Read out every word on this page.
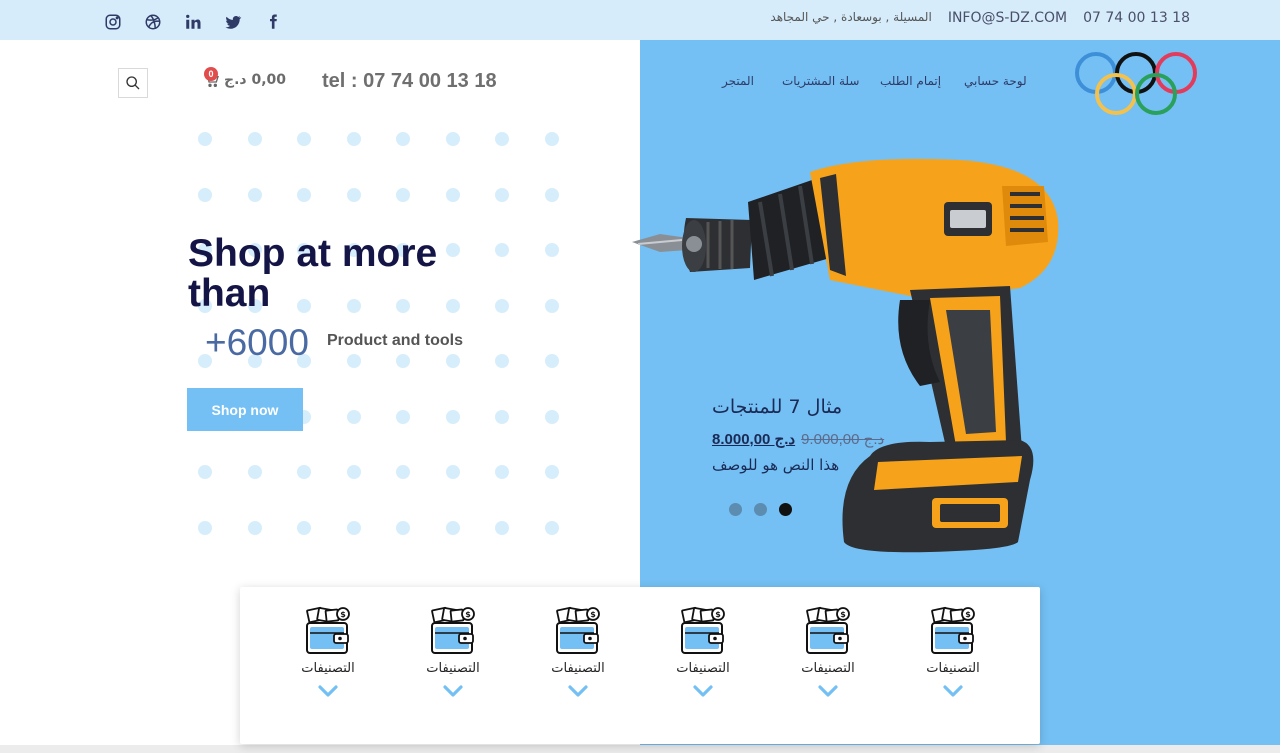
المسيلة , بوسعادة , حي المجاهد INFO@S-DZ.COM 07 74 00 13 18
0,00 د.ج
0	tel : 07 74 00 13 18	لوحة حسابي
إتمام الطلب
سلة المشتريات
المتجر
Shop at more than
+6000 Product and tools
Shop now	مثال 7 للمنتجات
8.000,00 د.ج 9.000,00 د.ج
هذا النص هو للوصف
التصنيفات	التصنيفات	التصنيفات	التصنيفات	التصنيفات	التصنيفات
